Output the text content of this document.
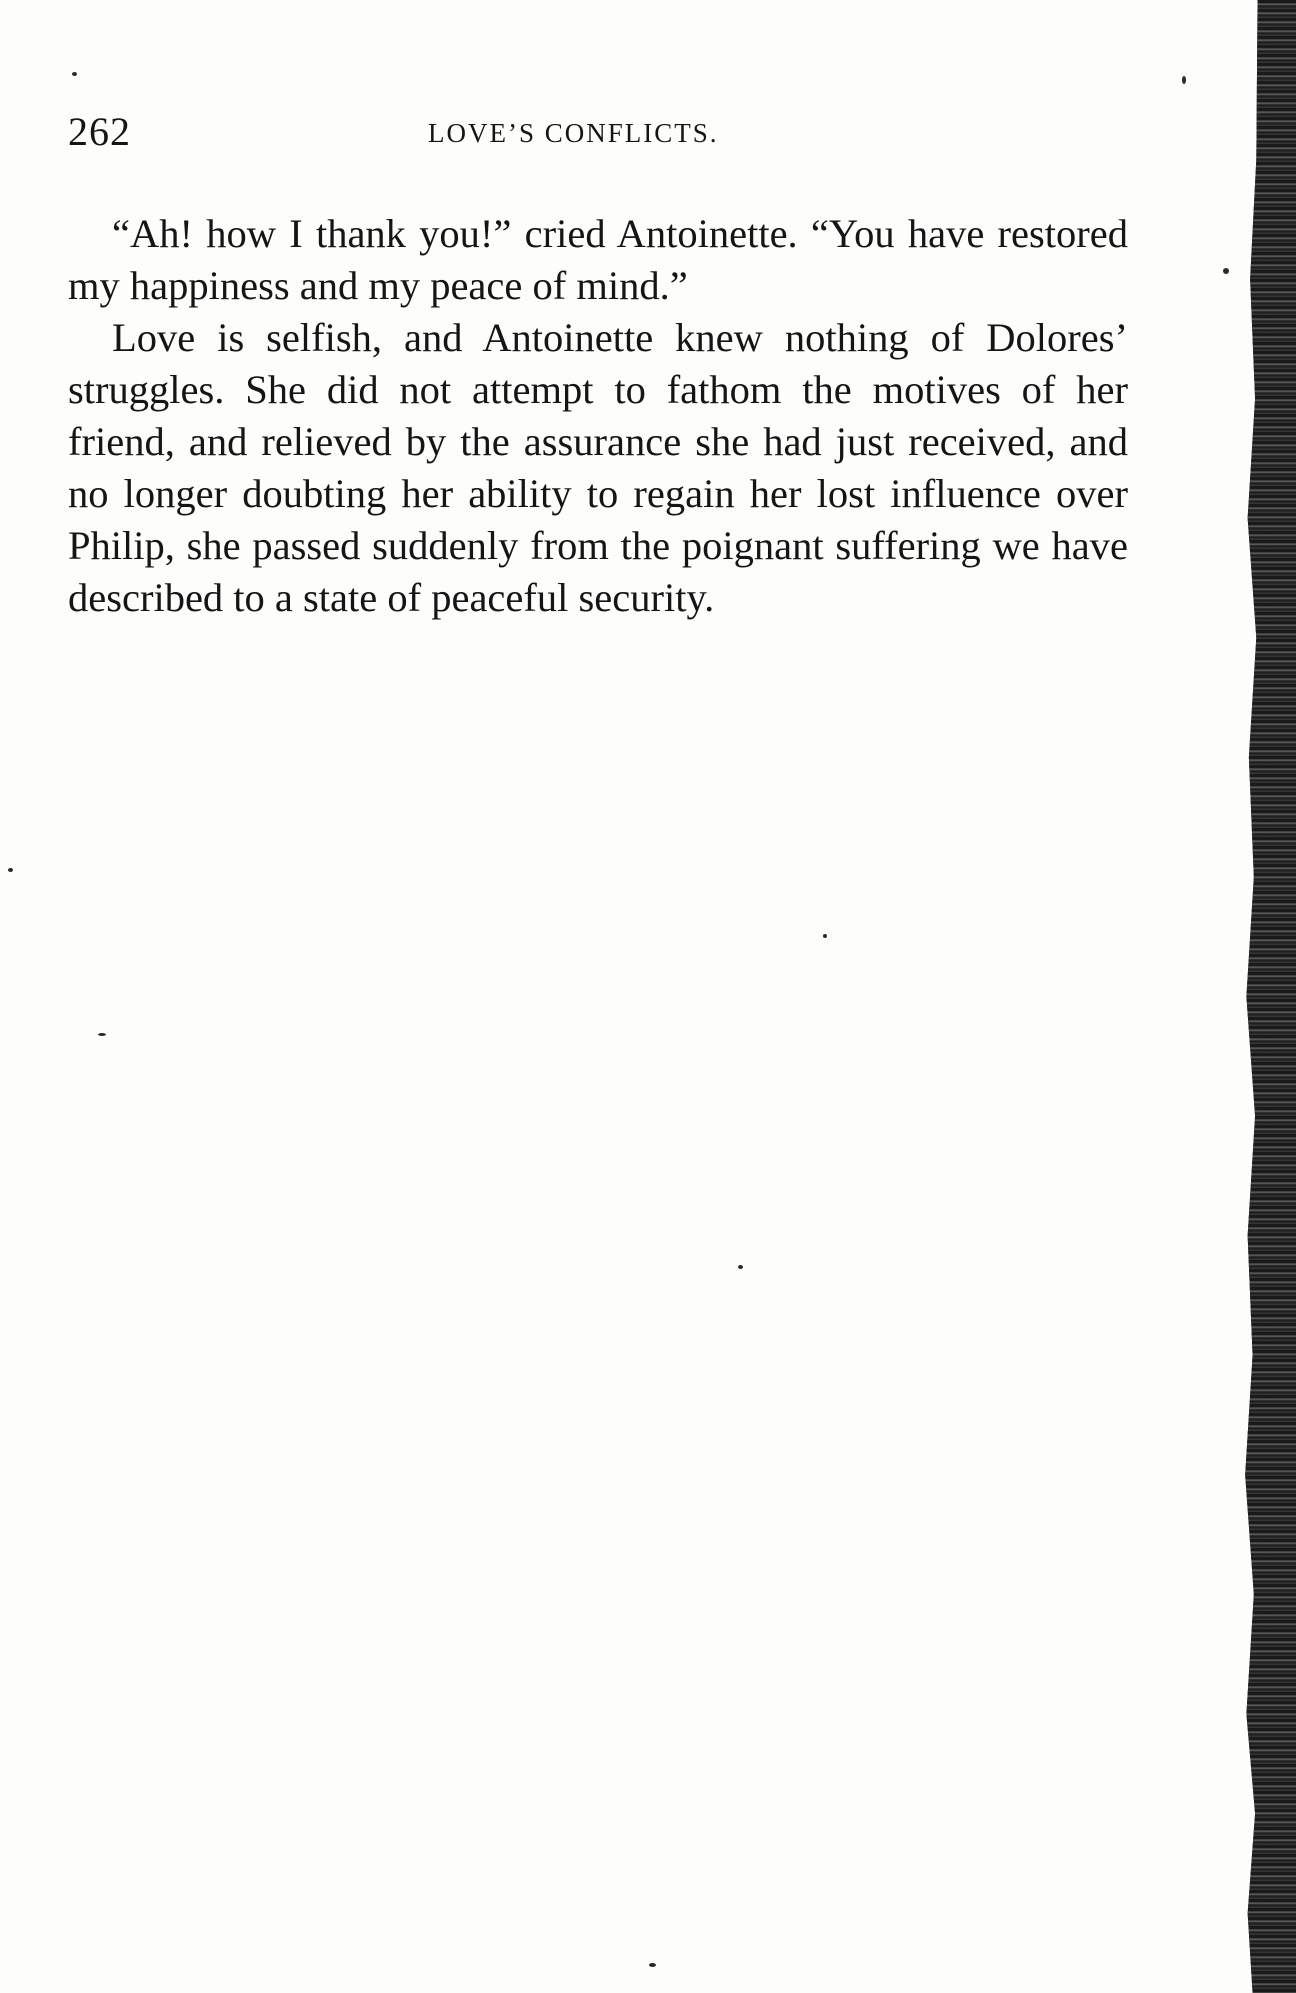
262	LOVE’S CONFLICTS.

“Ah! how I thank you!” cried Antoinette. “You have restored my happiness and my peace of mind.”

Love is selfish, and Antoinette knew nothing of Dolores’ struggles. She did not attempt to fathom the motives of her friend, and relieved by the assurance she had just received, and no longer doubting her ability to regain her lost influence over Philip, she passed suddenly from the poignant suffering we have described to a state of peaceful security.
